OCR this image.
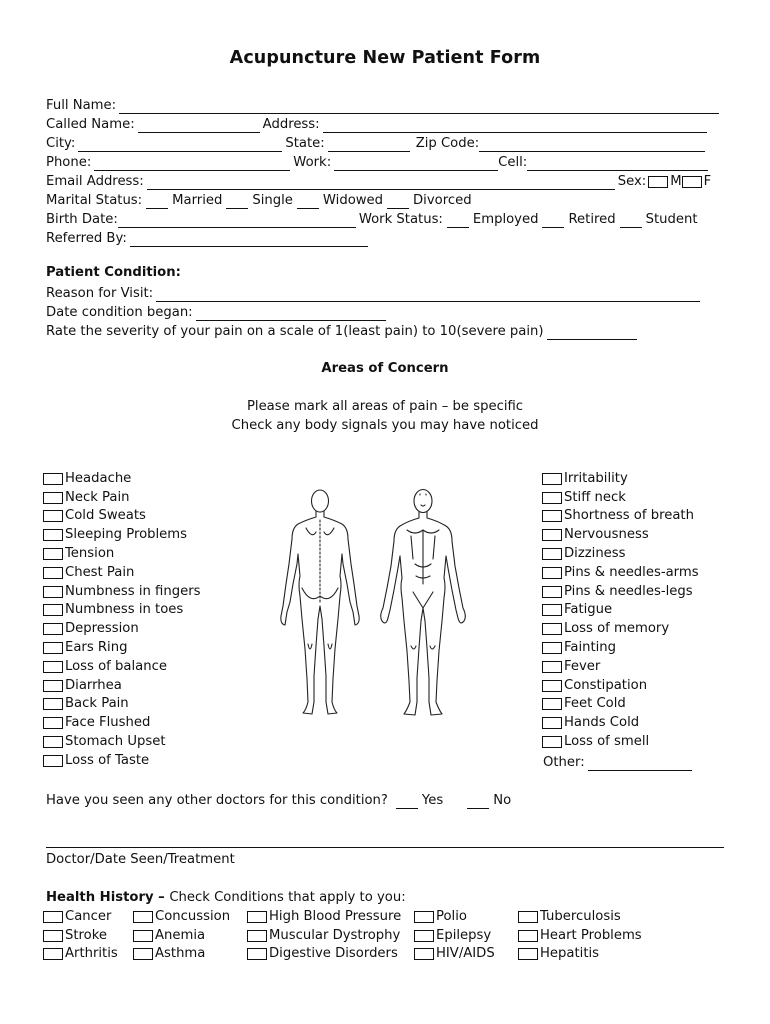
Acupuncture New Patient Form
Full Name:
Called Name:	Address:
City:	State:	Zip Code:
Phone:	Work:	Cell:
Email Address:	Sex: M F
Marital Status: Married Single Widowed Divorced
Birth Date:	Work Status: Employed Retired Student
Referred By:
Patient Condition:
Reason for Visit:
Date condition began:
Rate the severity of your pain on a scale of 1(least pain) to 10(severe pain)
Areas of Concern
Please mark all areas of pain – be specific
Check any body signals you may have noticed
Headache
Neck Pain
Cold Sweats
Sleeping Problems
Tension
Chest Pain
Numbness in fingers
Numbness in toes
Depression
Ears Ring
Loss of balance
Diarrhea
Back Pain
Face Flushed
Stomach Upset
Loss of Taste
Irritability
Stiff neck
Shortness of breath
Nervousness
Dizziness
Pins & needles-arms
Pins & needles-legs
Fatigue
Loss of memory
Fainting
Fever
Constipation
Feet Cold
Hands Cold
Loss of smell
Other:
Have you seen any other doctors for this condition?	Yes	No
Doctor/Date Seen/Treatment
Health History – Check Conditions that apply to you:
Cancer
Stroke
Arthritis
Concussion
Anemia
Asthma
High Blood Pressure
Muscular Dystrophy
Digestive Disorders
Polio
Epilepsy
HIV/AIDS
Tuberculosis
Heart Problems
Hepatitis
